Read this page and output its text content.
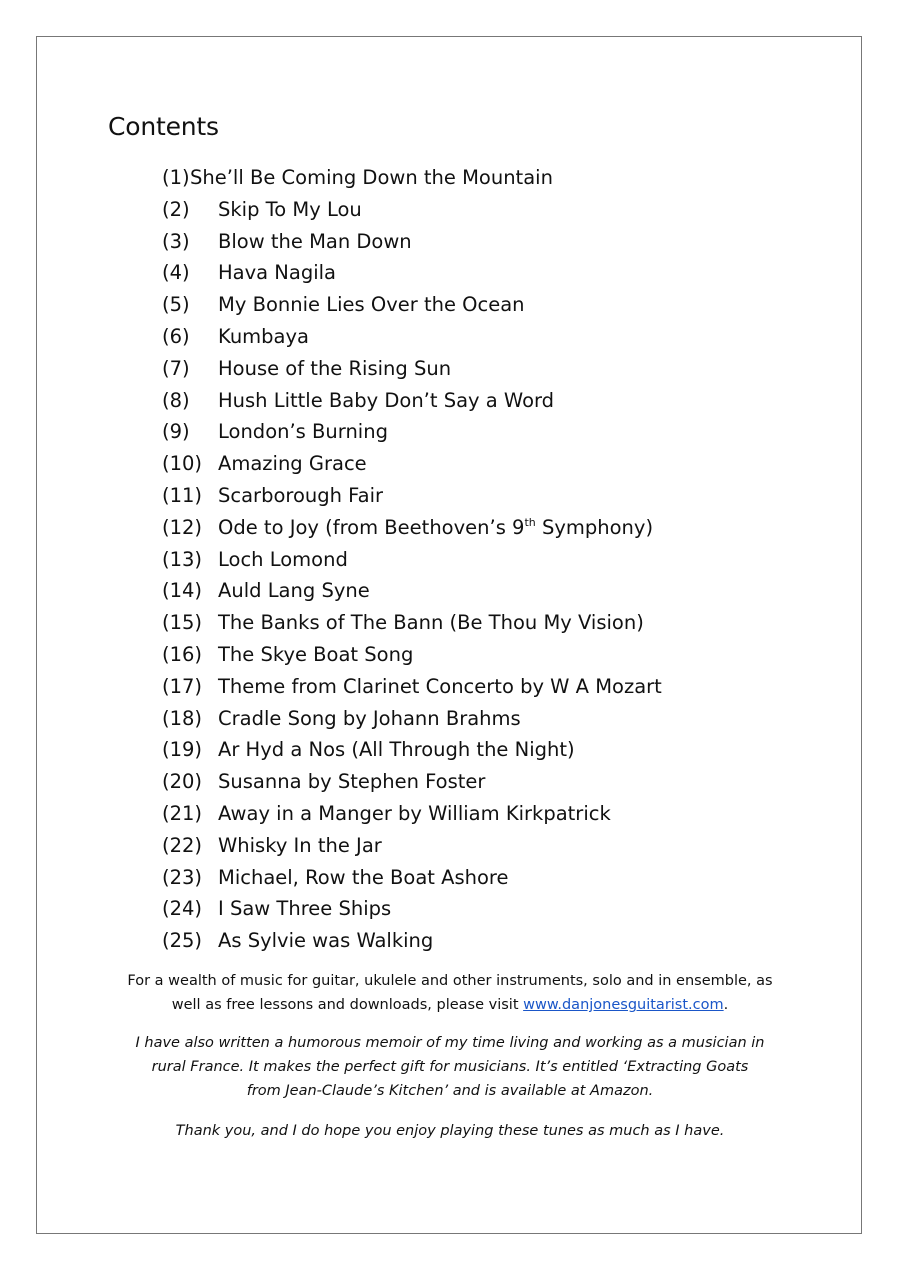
Contents
(1)She’ll Be Coming Down the Mountain
(2) Skip To My Lou
(3) Blow the Man Down
(4) Hava Nagila
(5) My Bonnie Lies Over the Ocean
(6) Kumbaya
(7) House of the Rising Sun
(8) Hush Little Baby Don’t Say a Word
(9) London’s Burning
(10) Amazing Grace
(11) Scarborough Fair
(12) Ode to Joy (from Beethoven’s 9th Symphony)
(13) Loch Lomond
(14) Auld Lang Syne
(15) The Banks of The Bann (Be Thou My Vision)
(16) The Skye Boat Song
(17) Theme from Clarinet Concerto by W A Mozart
(18) Cradle Song by Johann Brahms
(19) Ar Hyd a Nos (All Through the Night)
(20) Susanna by Stephen Foster
(21) Away in a Manger by William Kirkpatrick
(22) Whisky In the Jar
(23) Michael, Row the Boat Ashore
(24) I Saw Three Ships
(25) As Sylvie was Walking

For a wealth of music for guitar, ukulele and other instruments, solo and in ensemble, as
well as free lessons and downloads, please visit www.danjonesguitarist.com.

I have also written a humorous memoir of my time living and working as a musician in
rural France. It makes the perfect gift for musicians. It’s entitled ‘Extracting Goats
from Jean-Claude’s Kitchen’ and is available at Amazon.

Thank you, and I do hope you enjoy playing these tunes as much as I have.
